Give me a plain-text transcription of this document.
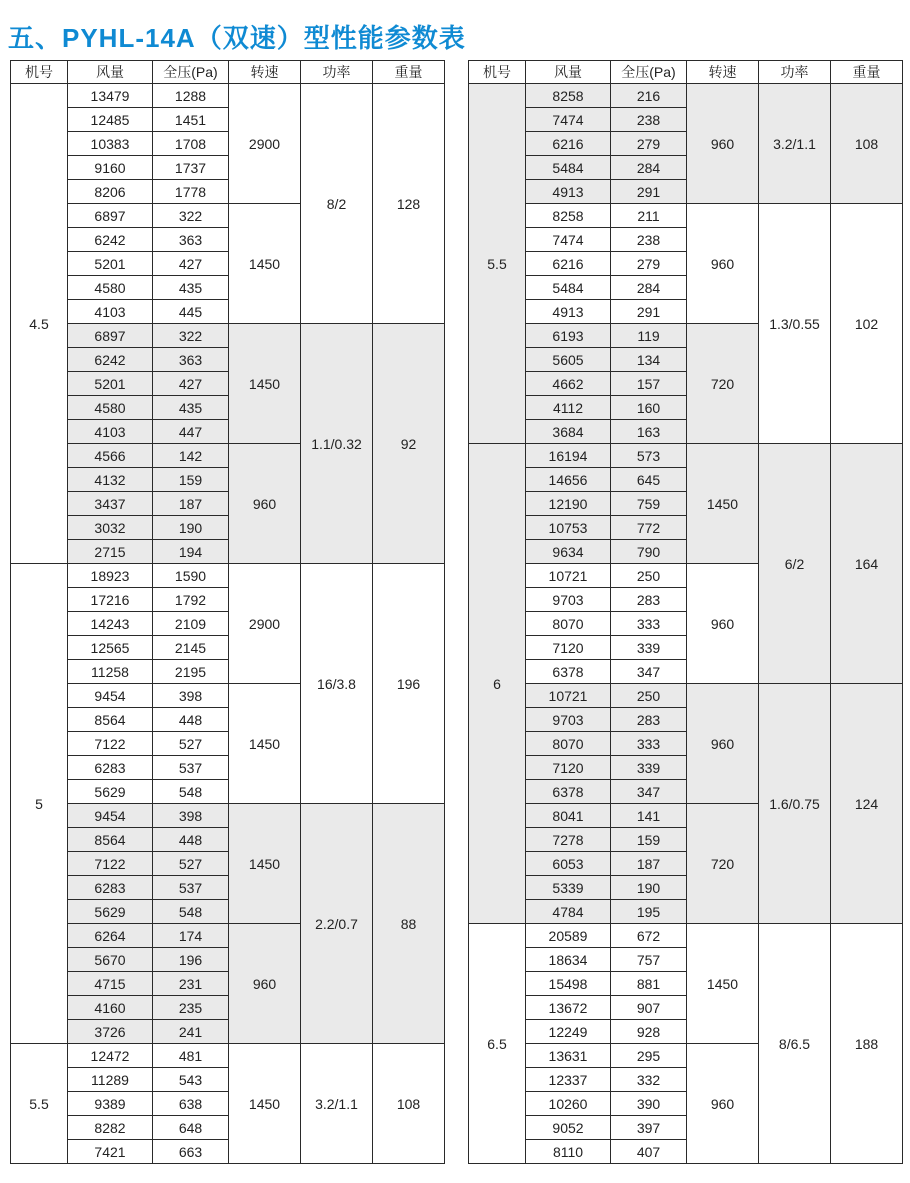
五、PYHL-14A（双速）型性能参数表
机号	风量	全压(Pa)	转速	功率	重量
4.5	13479	1288	2900	8/2	128
	12485	1451			
	10383	1708			
	9160	1737			
	8206	1778			
	6897	322	1450		
	6242	363			
	5201	427			
	4580	435			
	4103	445			
	6897	322	1450	1.1/0.32	92
	6242	363			
	5201	427			
	4580	435			
	4103	447			
	4566	142	960		
	4132	159			
	3437	187			
	3032	190			
	2715	194			
5	18923	1590	2900	16/3.8	196
	17216	1792			
	14243	2109			
	12565	2145			
	11258	2195			
	9454	398	1450		
	8564	448			
	7122	527			
	6283	537			
	5629	548			
	9454	398	1450	2.2/0.7	88
	8564	448			
	7122	527			
	6283	537			
	5629	548			
	6264	174	960		
	5670	196			
	4715	231			
	4160	235			
	3726	241			
5.5	12472	481	1450	3.2/1.1	108
	11289	543			
	9389	638			
	8282	648			
	7421	663			
机号	风量	全压(Pa)	转速	功率	重量
5.5	8258	216	960	3.2/1.1	108
	7474	238			
	6216	279			
	5484	284			
	4913	291			
	8258	211	960	1.3/0.55	102
	7474	238			
	6216	279			
	5484	284			
	4913	291			
	6193	119	720		
	5605	134			
	4662	157			
	4112	160			
	3684	163			
6	16194	573	1450	6/2	164
	14656	645			
	12190	759			
	10753	772			
	9634	790			
	10721	250	960		
	9703	283			
	8070	333			
	7120	339			
	6378	347			
	10721	250	960	1.6/0.75	124
	9703	283			
	8070	333			
	7120	339			
	6378	347			
	8041	141	720		
	7278	159			
	6053	187			
	5339	190			
	4784	195			
6.5	20589	672	1450	8/6.5	188
	18634	757			
	15498	881			
	13672	907			
	12249	928			
	13631	295	960		
	12337	332			
	10260	390			
	9052	397			
	8110	407			
